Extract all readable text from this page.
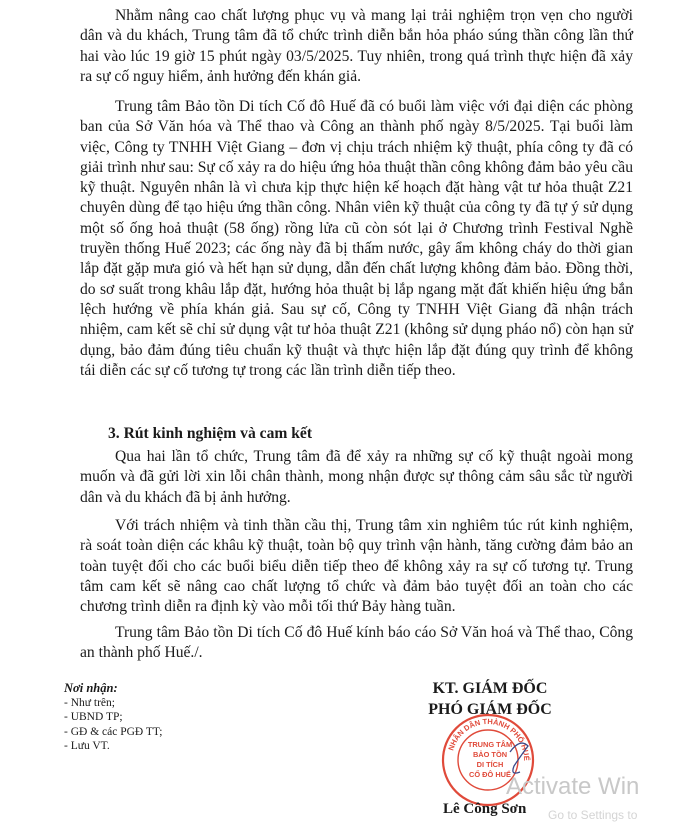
Nhằm nâng cao chất lượng phục vụ và mang lại trải nghiệm trọn vẹn cho người dân và du khách, Trung tâm đã tổ chức trình diễn bắn hỏa pháo súng thần công lần thứ hai vào lúc 19 giờ 15 phút ngày 03/5/2025. Tuy nhiên, trong quá trình thực hiện đã xảy ra sự cố nguy hiểm, ảnh hưởng đến khán giả.

Trung tâm Bảo tồn Di tích Cố đô Huế đã có buổi làm việc với đại diện các phòng ban của Sở Văn hóa và Thể thao và Công an thành phố ngày 8/5/2025. Tại buổi làm việc, Công ty TNHH Việt Giang – đơn vị chịu trách nhiệm kỹ thuật, phía công ty đã có giải trình như sau: Sự cố xảy ra do hiệu ứng hỏa thuật thần công không đảm bảo yêu cầu kỹ thuật. Nguyên nhân là vì chưa kịp thực hiện kế hoạch đặt hàng vật tư hỏa thuật Z21 chuyên dùng để tạo hiệu ứng thần công. Nhân viên kỹ thuật của công ty đã tự ý sử dụng một số ống hoả thuật (58 ống) rồng lửa cũ còn sót lại ở Chương trình Festival Nghề truyền thống Huế 2023; các ống này đã bị thấm nước, gây ẩm không cháy do thời gian lắp đặt gặp mưa gió và hết hạn sử dụng, dẫn đến chất lượng không đảm bảo. Đồng thời, do sơ suất trong khâu lắp đặt, hướng hỏa thuật bị lắp ngang mặt đất khiến hiệu ứng bắn lệch hướng về phía khán giả. Sau sự cố, Công ty TNHH Việt Giang đã nhận trách nhiệm, cam kết sẽ chỉ sử dụng vật tư hỏa thuật Z21 (không sử dụng pháo nổ) còn hạn sử dụng, bảo đảm đúng tiêu chuẩn kỹ thuật và thực hiện lắp đặt đúng quy trình để không tái diễn các sự cố tương tự trong các lần trình diễn tiếp theo.

3. Rút kinh nghiệm và cam kết

Qua hai lần tổ chức, Trung tâm đã để xảy ra những sự cố kỹ thuật ngoài mong muốn và đã gửi lời xin lỗi chân thành, mong nhận được sự thông cảm sâu sắc từ người dân và du khách đã bị ảnh hưởng.

Với trách nhiệm và tinh thần cầu thị, Trung tâm xin nghiêm túc rút kinh nghiệm, rà soát toàn diện các khâu kỹ thuật, toàn bộ quy trình vận hành, tăng cường đảm bảo an toàn tuyệt đối cho các buổi biểu diễn tiếp theo để không xảy ra sự cố tương tự. Trung tâm cam kết sẽ nâng cao chất lượng tổ chức và đảm bảo tuyệt đối an toàn cho các chương trình diễn ra định kỳ vào mỗi tối thứ Bảy hàng tuần.

Trung tâm Bảo tồn Di tích Cố đô Huế kính báo cáo Sở Văn hoá và Thể thao, Công an thành phố Huế./.

Nơi nhận:
- Như trên;
- UBND TP;
- GĐ & các PGĐ TT;
- Lưu VT.
KT. GIÁM ĐỐC
PHÓ GIÁM ĐỐC
NHÂN DÂN THÀNH PHỐ HUẾ
TRUNG TÂM
BẢO TỒN
DI TÍCH
CỐ ĐÔ HUẾ
Lê Công Sơn
Activate Win
Go to Settings to
